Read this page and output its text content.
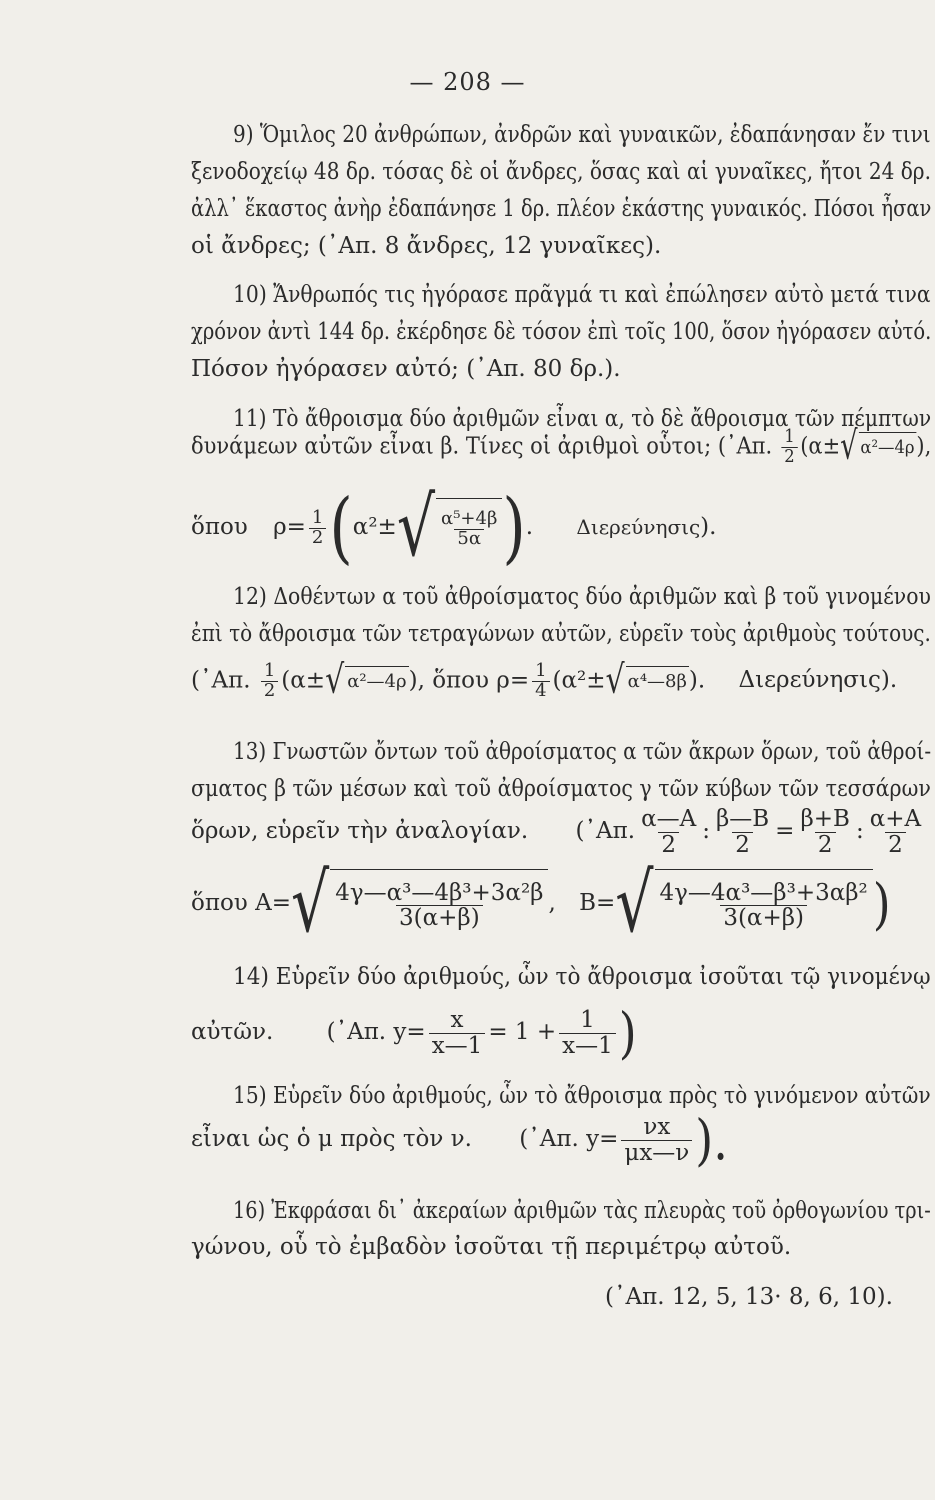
— 208 —
9) Ὅμιλος 20 ἀνθρώπων, ἀνδρῶν καὶ γυναικῶν, ἐδαπάνησαν ἔν τινι
ξενοδοχείῳ 48 δρ. τόσας δὲ οἱ ἄνδρες, ὅσας καὶ αἱ γυναῖκες, ἤτοι 24 δρ.
ἀλλ᾽ ἕκαστος ἀνὴρ ἐδαπάνησε 1 δρ. πλέον ἑκάστης γυναικός. Πόσοι ἦσαν
οἱ ἄνδρες; (᾽Απ. 8 ἄνδρες, 12 γυναῖκες).
10) Ἄνθρωπός τις ἠγόρασε πρᾶγμά τι καὶ ἐπώλησεν αὐτὸ μετά τινα
χρόνον ἀντὶ 144 δρ. ἐκέρδησε δὲ τόσον ἐπὶ τοῖς 100, ὅσον ἠγόρασεν αὐτό.
Πόσον ἠγόρασεν αὐτό; (᾽Απ. 80 δρ.).
11) Τὸ ἄθροισμα δύο ἀριθμῶν εἶναι α, τὸ δὲ ἄθροισμα τῶν πέμπτων
δυνάμεων αὐτῶν εἶναι β. Τίνες οἱ ἀριθμοὶ οὗτοι; (᾽Απ. $\frac{1}{2} (\alpha\pm$ √ α²—4ρ ),
ὅπου $\rho= \frac{1}{2} (\alpha^2\pm$ √ $\frac{\text{α⁵+4β}}{5\alpha}$ ). Διερεύνησις).
12) Δοθέντων α τοῦ ἀθροίσματος δύο ἀριθμῶν καὶ β τοῦ γινομένου
ἐπὶ τὸ ἄθροισμα τῶν τετραγώνων αὐτῶν, εὑρεῖν τοὺς ἀριθμοὺς τούτους.
(᾽Απ. $\frac{1}{2} (\alpha\pm$ √ α²—4ρ ), ὅπου $\rho= \frac{1}{4} (\alpha^2\pm$ √ α⁴—8β ). Διερεύνησις).
13) Γνωστῶν ὄντων τοῦ ἀθροίσματος α τῶν ἄκρων ὅρων, τοῦ ἀθροί-
σματος β τῶν μέσων καὶ τοῦ ἀθροίσματος γ τῶν κύβων τῶν τεσσάρων
ὅρων, εὑρεῖν τὴν ἀναλογίαν. (᾽Απ. $\frac{\alpha—A}{2}$ : $\frac{\beta—B}{2} = \frac{\beta+B}{2}$ : $\frac{\alpha+A}{2}$
ὅπου A= √ $\frac{\text{4γ—α³—4β³+3α²β}}{3(\alpha+\beta)}$ , B= √ $\frac{\text{4γ—4α³—β³+3αβ²}}{3(\alpha+\beta)}$ )
14) Εὑρεῖν δύο ἀριθμούς, ὧν τὸ ἄθροισμα ἰσοῦται τῷ γινομένῳ
αὐτῶν. (᾽Απ. $y= \frac{x}{x—1} = 1 + \frac{1}{x—1}$ )
15) Εὑρεῖν δύο ἀριθμούς, ὧν τὸ ἄθροισμα πρὸς τὸ γινόμενον αὐτῶν
εἶναι ὡς ὁ μ πρὸς τὸν ν. (᾽Απ. $y= \frac{\nu x}{\mu x—\nu}$ ).
16) Ἐκφράσαι δι᾽ ἀκεραίων ἀριθμῶν τὰς πλευρὰς τοῦ ὀρθογωνίου τρι-
γώνου, οὗ τὸ ἐμβαδὸν ἰσοῦται τῇ περιμέτρῳ αὐτοῦ.
(᾽Απ. 12, 5, 13· 8, 6, 10).
